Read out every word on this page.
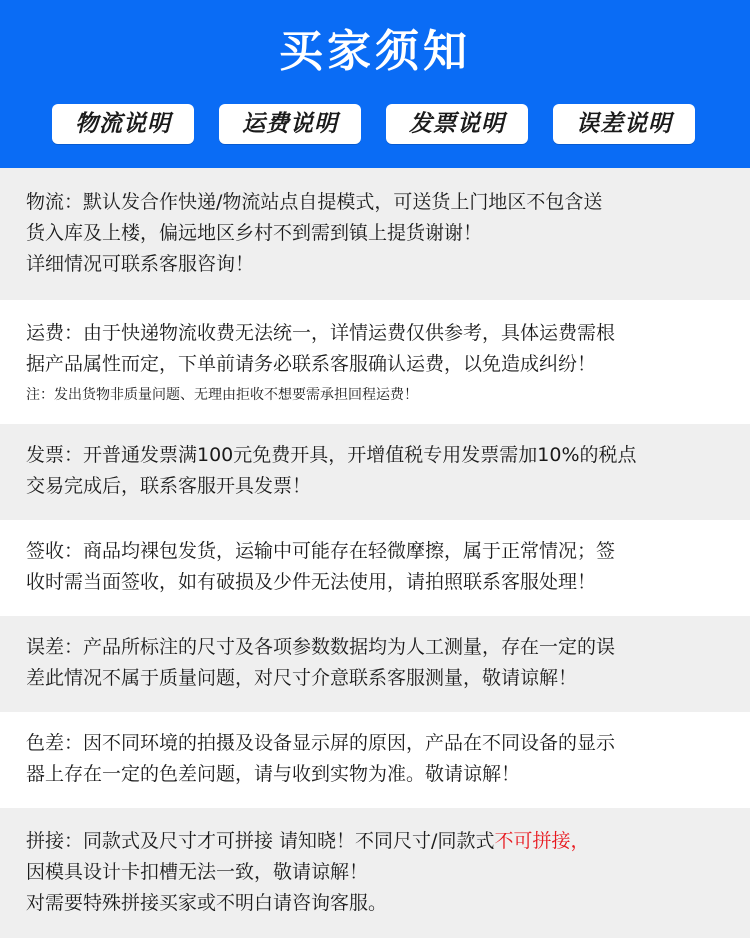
买家须知
物流说明	运费说明	发票说明	误差说明
物流：默认发合作快递/物流站点自提模式，可送货上门地区不包含送
货入库及上楼，偏远地区乡村不到需到镇上提货谢谢！
详细情况可联系客服咨询！
运费：由于快递物流收费无法统一，详情运费仅供参考，具体运费需根
据产品属性而定，下单前请务必联系客服确认运费，以免造成纠纷！
注：发出货物非质量问题、无理由拒收不想要需承担回程运费！
发票：开普通发票满100元免费开具，开增值税专用发票需加10%的税点
交易完成后，联系客服开具发票！
签收：商品均裸包发货，运输中可能存在轻微摩擦，属于正常情况；签
收时需当面签收，如有破损及少件无法使用，请拍照联系客服处理！
误差：产品所标注的尺寸及各项参数数据均为人工测量，存在一定的误
差此情况不属于质量问题，对尺寸介意联系客服测量，敬请谅解！
色差：因不同环境的拍摄及设备显示屏的原因，产品在不同设备的显示
器上存在一定的色差问题，请与收到实物为准。敬请谅解！
拼接：同款式及尺寸才可拼接 请知晓！不同尺寸/同款式不可拼接，
因模具设计卡扣槽无法一致，敬请谅解！
对需要特殊拼接买家或不明白请咨询客服。
